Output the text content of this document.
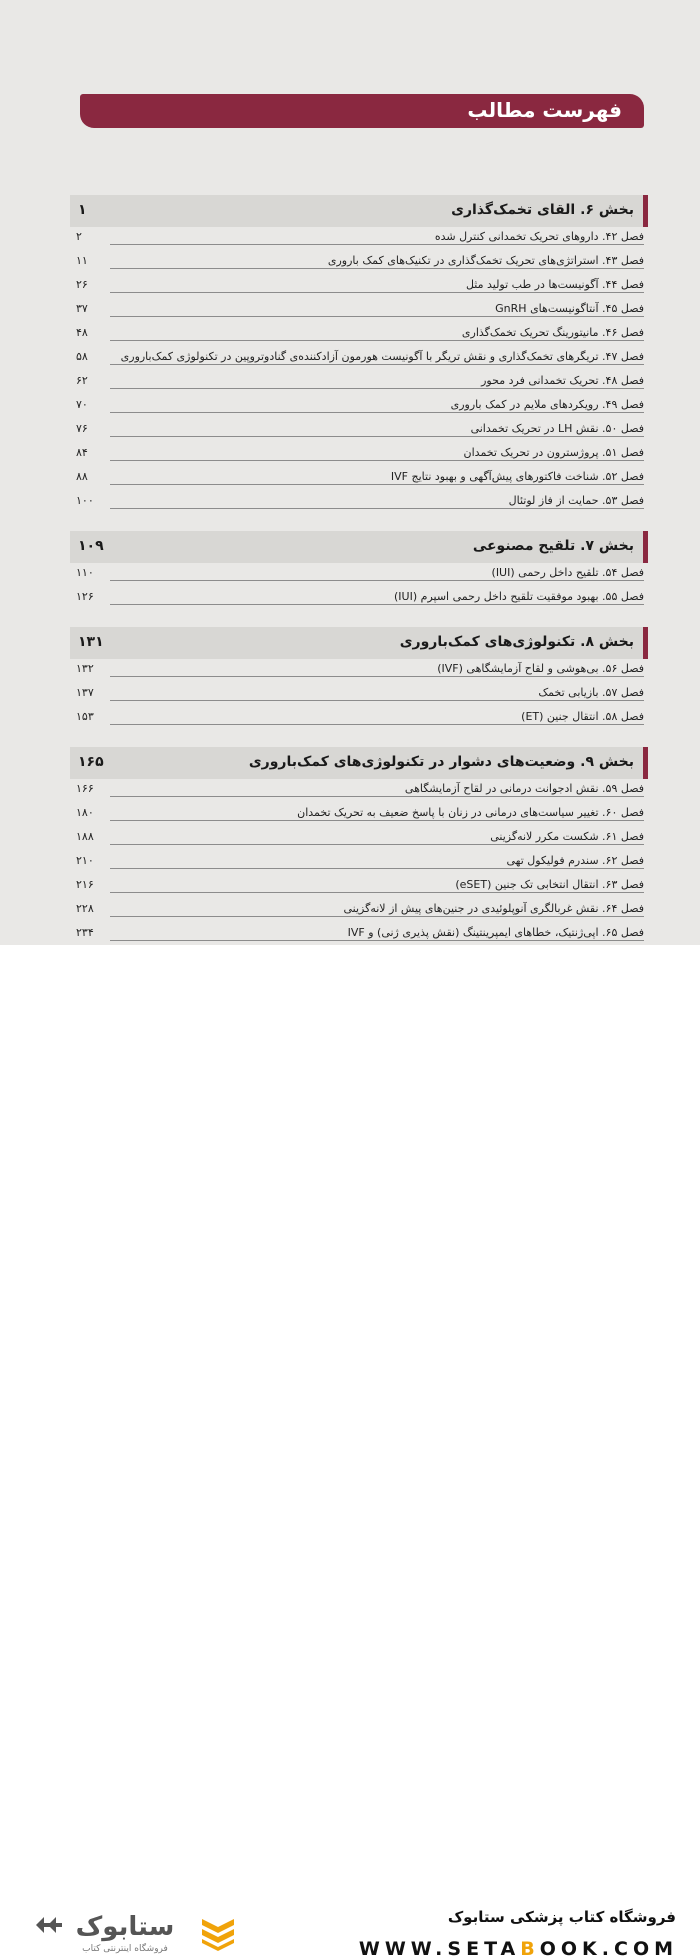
فهرست مطالب
بخش ۶. القای تخمک‌گذاری
۱
فصل ۴۲. داروهای تحریک تخمدانی کنترل شده
۲
فصل ۴۳. استراتژی‌های تحریک تخمک‌گذاری در تکنیک‌های کمک باروری
۱۱
فصل ۴۴. آگونیست‌ها در طب تولید مثل
۲۶
فصل ۴۵. آنتاگونیست‌های GnRH
۳۷
فصل ۴۶. مانیتورینگ تحریک تخمک‌گذاری
۴۸
فصل ۴۷. تریگرهای تخمک‌گذاری و نقش تریگر با آگونیست هورمون آزادکننده‌ی گنادوتروپین در تکنولوژی کمک‌باروری
۵۸
فصل ۴۸. تحریک تخمدانی فرد محور
۶۲
فصل ۴۹. رویکردهای ملایم در کمک باروری
۷۰
فصل ۵۰. نقش LH در تحریک تخمدانی
۷۶
فصل ۵۱. پروژسترون در تحریک تخمدان
۸۴
فصل ۵۲. شناخت فاکتورهای پیش‌آگهی و بهبود نتایج IVF
۸۸
فصل ۵۳. حمایت از فاز لوتئال
۱۰۰
بخش ۷. تلقیح مصنوعی
۱۰۹
فصل ۵۴. تلقیح داخل رحمی (IUI)
۱۱۰
فصل ۵۵. بهبود موفقیت تلقیح داخل رحمی اسپرم (IUI)
۱۲۶
بخش ۸. تکنولوژی‌های کمک‌باروری
۱۳۱
فصل ۵۶. بی‌هوشی و لقاح آزمایشگاهی (IVF)
۱۳۲
فصل ۵۷. بازیابی تخمک
۱۳۷
فصل ۵۸. انتقال جنین (ET)
۱۵۳
بخش ۹. وضعیت‌های دشوار در تکنولوژی‌های کمک‌باروری
۱۶۵
فصل ۵۹. نقش ادجوانت درمانی در لقاح آزمایشگاهی
۱۶۶
فصل ۶۰. تغییر سیاست‌های درمانی در زنان با پاسخ ضعیف به تحریک تخمدان
۱۸۰
فصل ۶۱. شکست مکرر لانه‌گزینی
۱۸۸
فصل ۶۲. سندرم فولیکول تهی
۲۱۰
فصل ۶۳. انتقال انتخابی تک جنین (eSET)
۲۱۶
فصل ۶۴. نقش غربالگری آنوپلوئیدی در جنین‌های پیش از لانه‌گزینی
۲۲۸
فصل ۶۵. اپی‌ژنتیک، خطاهای ایمپرینتینگ (نقش پذیری ژنی) و IVF
۲۳۴
ستابوک
فروشگاه اینترنتی کتاب
فروشگاه کتاب پزشکی ستابوک
WWW.SETABOOK.COM
